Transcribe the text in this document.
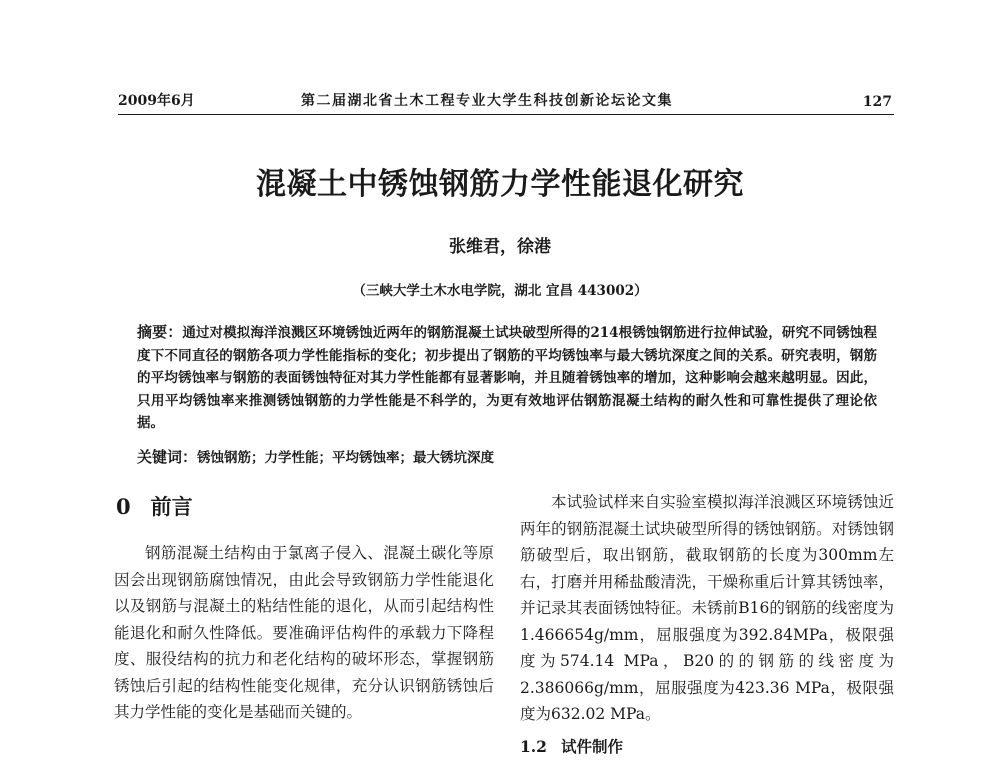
2009年6月	第二届湖北省土木工程专业大学生科技创新论坛论文集	127
混凝土中锈蚀钢筋力学性能退化研究
张维君，徐港
（三峡大学土木水电学院，湖北 宜昌 443002）
摘要：通过对模拟海洋浪溅区环境锈蚀近两年的钢筋混凝土试块破型所得的214根锈蚀钢筋进行拉伸试验，研究不同锈蚀程度下不同直径的钢筋各项力学性能指标的变化；初步提出了钢筋的平均锈蚀率与最大锈坑深度之间的关系。研究表明，钢筋的平均锈蚀率与钢筋的表面锈蚀特征对其力学性能都有显著影响，并且随着锈蚀率的增加，这种影响会越来越明显。因此，只用平均锈蚀率来推测锈蚀钢筋的力学性能是不科学的，为更有效地评估钢筋混凝土结构的耐久性和可靠性提供了理论依据。
关键词：锈蚀钢筋；力学性能；平均锈蚀率；最大锈坑深度
0 前言

钢筋混凝土结构由于氯离子侵入、混凝土碳化等原因会出现钢筋腐蚀情况，由此会导致钢筋力学性能退化以及钢筋与混凝土的粘结性能的退化，从而引起结构性能退化和耐久性降低。要准确评估构件的承载力下降程度、服役结构的抗力和老化结构的破坏形态，掌握钢筋锈蚀后引起的结构性能变化规律，充分认识钢筋锈蚀后其力学性能的变化是基础而关键的。

本试验试样来自实验室模拟海洋浪溅区环境锈蚀近两年的钢筋混凝土试块破型所得的锈蚀钢筋。对锈蚀钢筋破型后，取出钢筋，截取钢筋的长度为300mm左右，打磨并用稀盐酸清洗，干燥称重后计算其锈蚀率，并记录其表面锈蚀特征。未锈前B16的钢筋的线密度为1.466654g/mm，屈服强度为392.84MPa，极限强度为574.14 MPa，B20的的钢筋的线密度为2.386066g/mm，屈服强度为423.36 MPa，极限强度为632.02 MPa。

1.2 试件制作
